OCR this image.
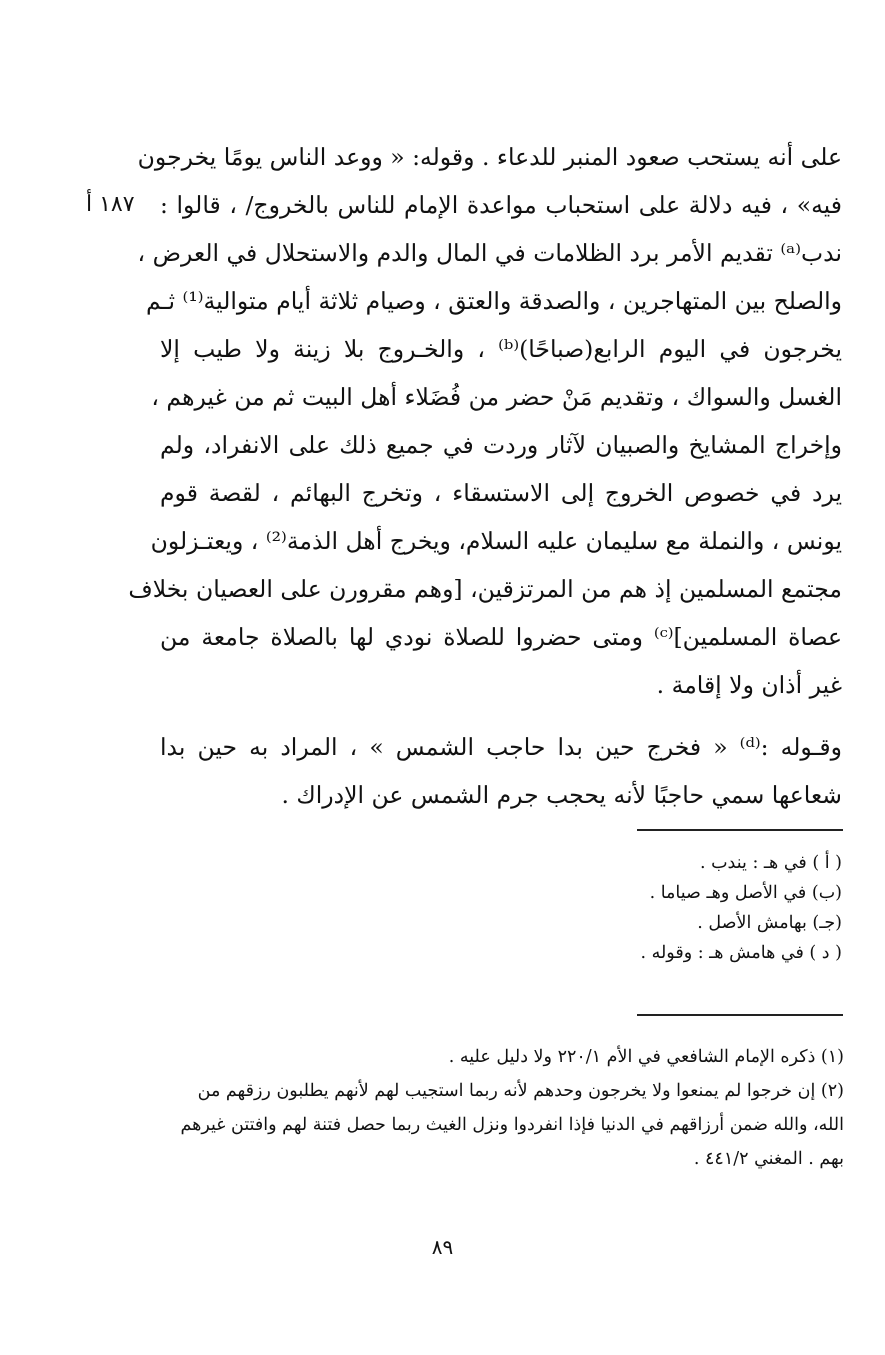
١٨٧ أ

على أنه يستحب صعود المنبر للدعاء . وقوله: « ووعد الناس يومًا يخرجون
فيه» ، فيه دلالة على استحباب مواعدة الإمام للناس بالخروج/ ، قالوا :
ندب⁽ᵃ⁾ تقديم الأمر برد الظلامات في المال والدم والاستحلال في العرض ،
والصلح بين المتهاجرين ، والصدقة والعتق ، وصيام ثلاثة أيام متوالية⁽¹⁾ ثـم
يخرجون في اليوم الرابع(صباحًا)⁽ᵇ⁾ ، والخـروج بلا زينة ولا طيب إلا
الغسل والسواك ، وتقديم مَنْ حضر من فُضَلاء أهل البيت ثم من غيرهم ،
وإخراج المشايخ والصبيان لآثار وردت في جميع ذلك على الانفراد، ولم
يرد في خصوص الخروج إلى الاستسقاء ، وتخرج البهائم ، لقصة قوم
يونس ، والنملة مع سليمان عليه السلام، ويخرج أهل الذمة⁽²⁾ ، ويعتـزلون
مجتمع المسلمين إذ هم من المرتزقين، [وهم مقرورن على العصيان بخلاف
عصاة المسلمين]⁽ᶜ⁾ ومتى حضروا للصلاة نودي لها بالصلاة جامعة من
غير أذان ولا إقامة .

وقـوله :⁽ᵈ⁾ « فخرج حين بدا حاجب الشمس » ، المراد به حين بدا
شعاعها سمي حاجبًا لأنه يحجب جرم الشمس عن الإدراك .

( أ ) في هـ : يندب .
(ب) في الأصل وهـ صياما .
(جـ) بهامش الأصل .
( د ) في هامش هـ : وقوله .
(١) ذكره الإمام الشافعي في الأم ٢٢٠/١ ولا دليل عليه .
(٢) إن خرجوا لم يمنعوا ولا يخرجون وحدهم لأنه ربما استجيب لهم لأنهم يطلبون رزقهم من
الله، والله ضمن أرزاقهم في الدنيا فإذا انفردوا ونزل الغيث ربما حصل فتنة لهم وافتتن غيرهم
بهم . المغني ٤٤١/٢ .
٨٩
